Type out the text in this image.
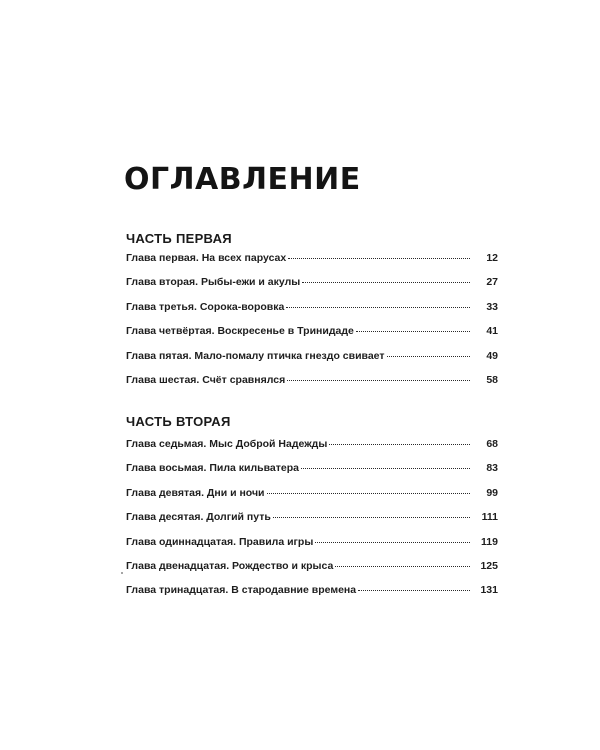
ОГЛАВЛЕНИЕ
ЧАСТЬ ПЕРВАЯ
Глава первая. На всех парусах	12
Глава вторая. Рыбы-ежи и акулы	27
Глава третья. Сорока-воровка	33
Глава четвёртая. Воскресенье в Тринидаде	41
Глава пятая. Мало-помалу птичка гнездо свивает	49
Глава шестая. Счёт сравнялся	58
ЧАСТЬ ВТОРАЯ
Глава седьмая. Мыс Доброй Надежды	68
Глава восьмая. Пила кильватера	83
Глава девятая. Дни и ночи	99
Глава десятая. Долгий путь	111
Глава одиннадцатая. Правила игры	119
Глава двенадцатая. Рождество и крыса	125
Глава тринадцатая. В стародавние времена	131
